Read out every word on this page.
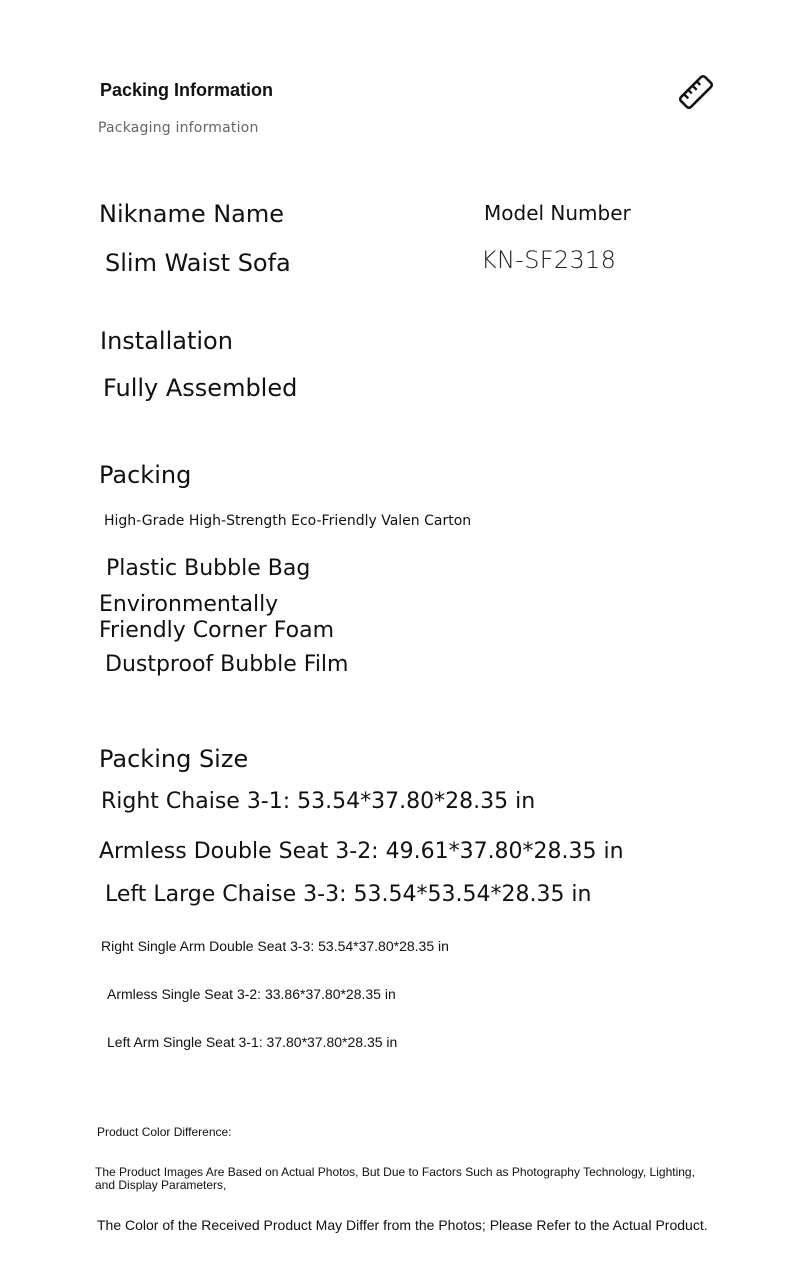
Packing Information
Packaging information
Nikname Name
Slim Waist Sofa
Model Number
KN-SF2318
Installation
Fully Assembled
Packing
High-Grade High-Strength Eco-Friendly Valen Carton
Plastic Bubble Bag
Environmentally Friendly Corner Foam
Dustproof Bubble Film
Packing Size
Right Chaise 3-1: 53.54*37.80*28.35 in
Armless Double Seat 3-2: 49.61*37.80*28.35 in
Left Large Chaise 3-3: 53.54*53.54*28.35 in
Right Single Arm Double Seat 3-3: 53.54*37.80*28.35 in
Armless Single Seat 3-2: 33.86*37.80*28.35 in
Left Arm Single Seat 3-1: 37.80*37.80*28.35 in
Product Color Difference:
The Product Images Are Based on Actual Photos, But Due to Factors Such as Photography Technology, Lighting, and Display Parameters,
The Color of the Received Product May Differ from the Photos; Please Refer to the Actual Product.
